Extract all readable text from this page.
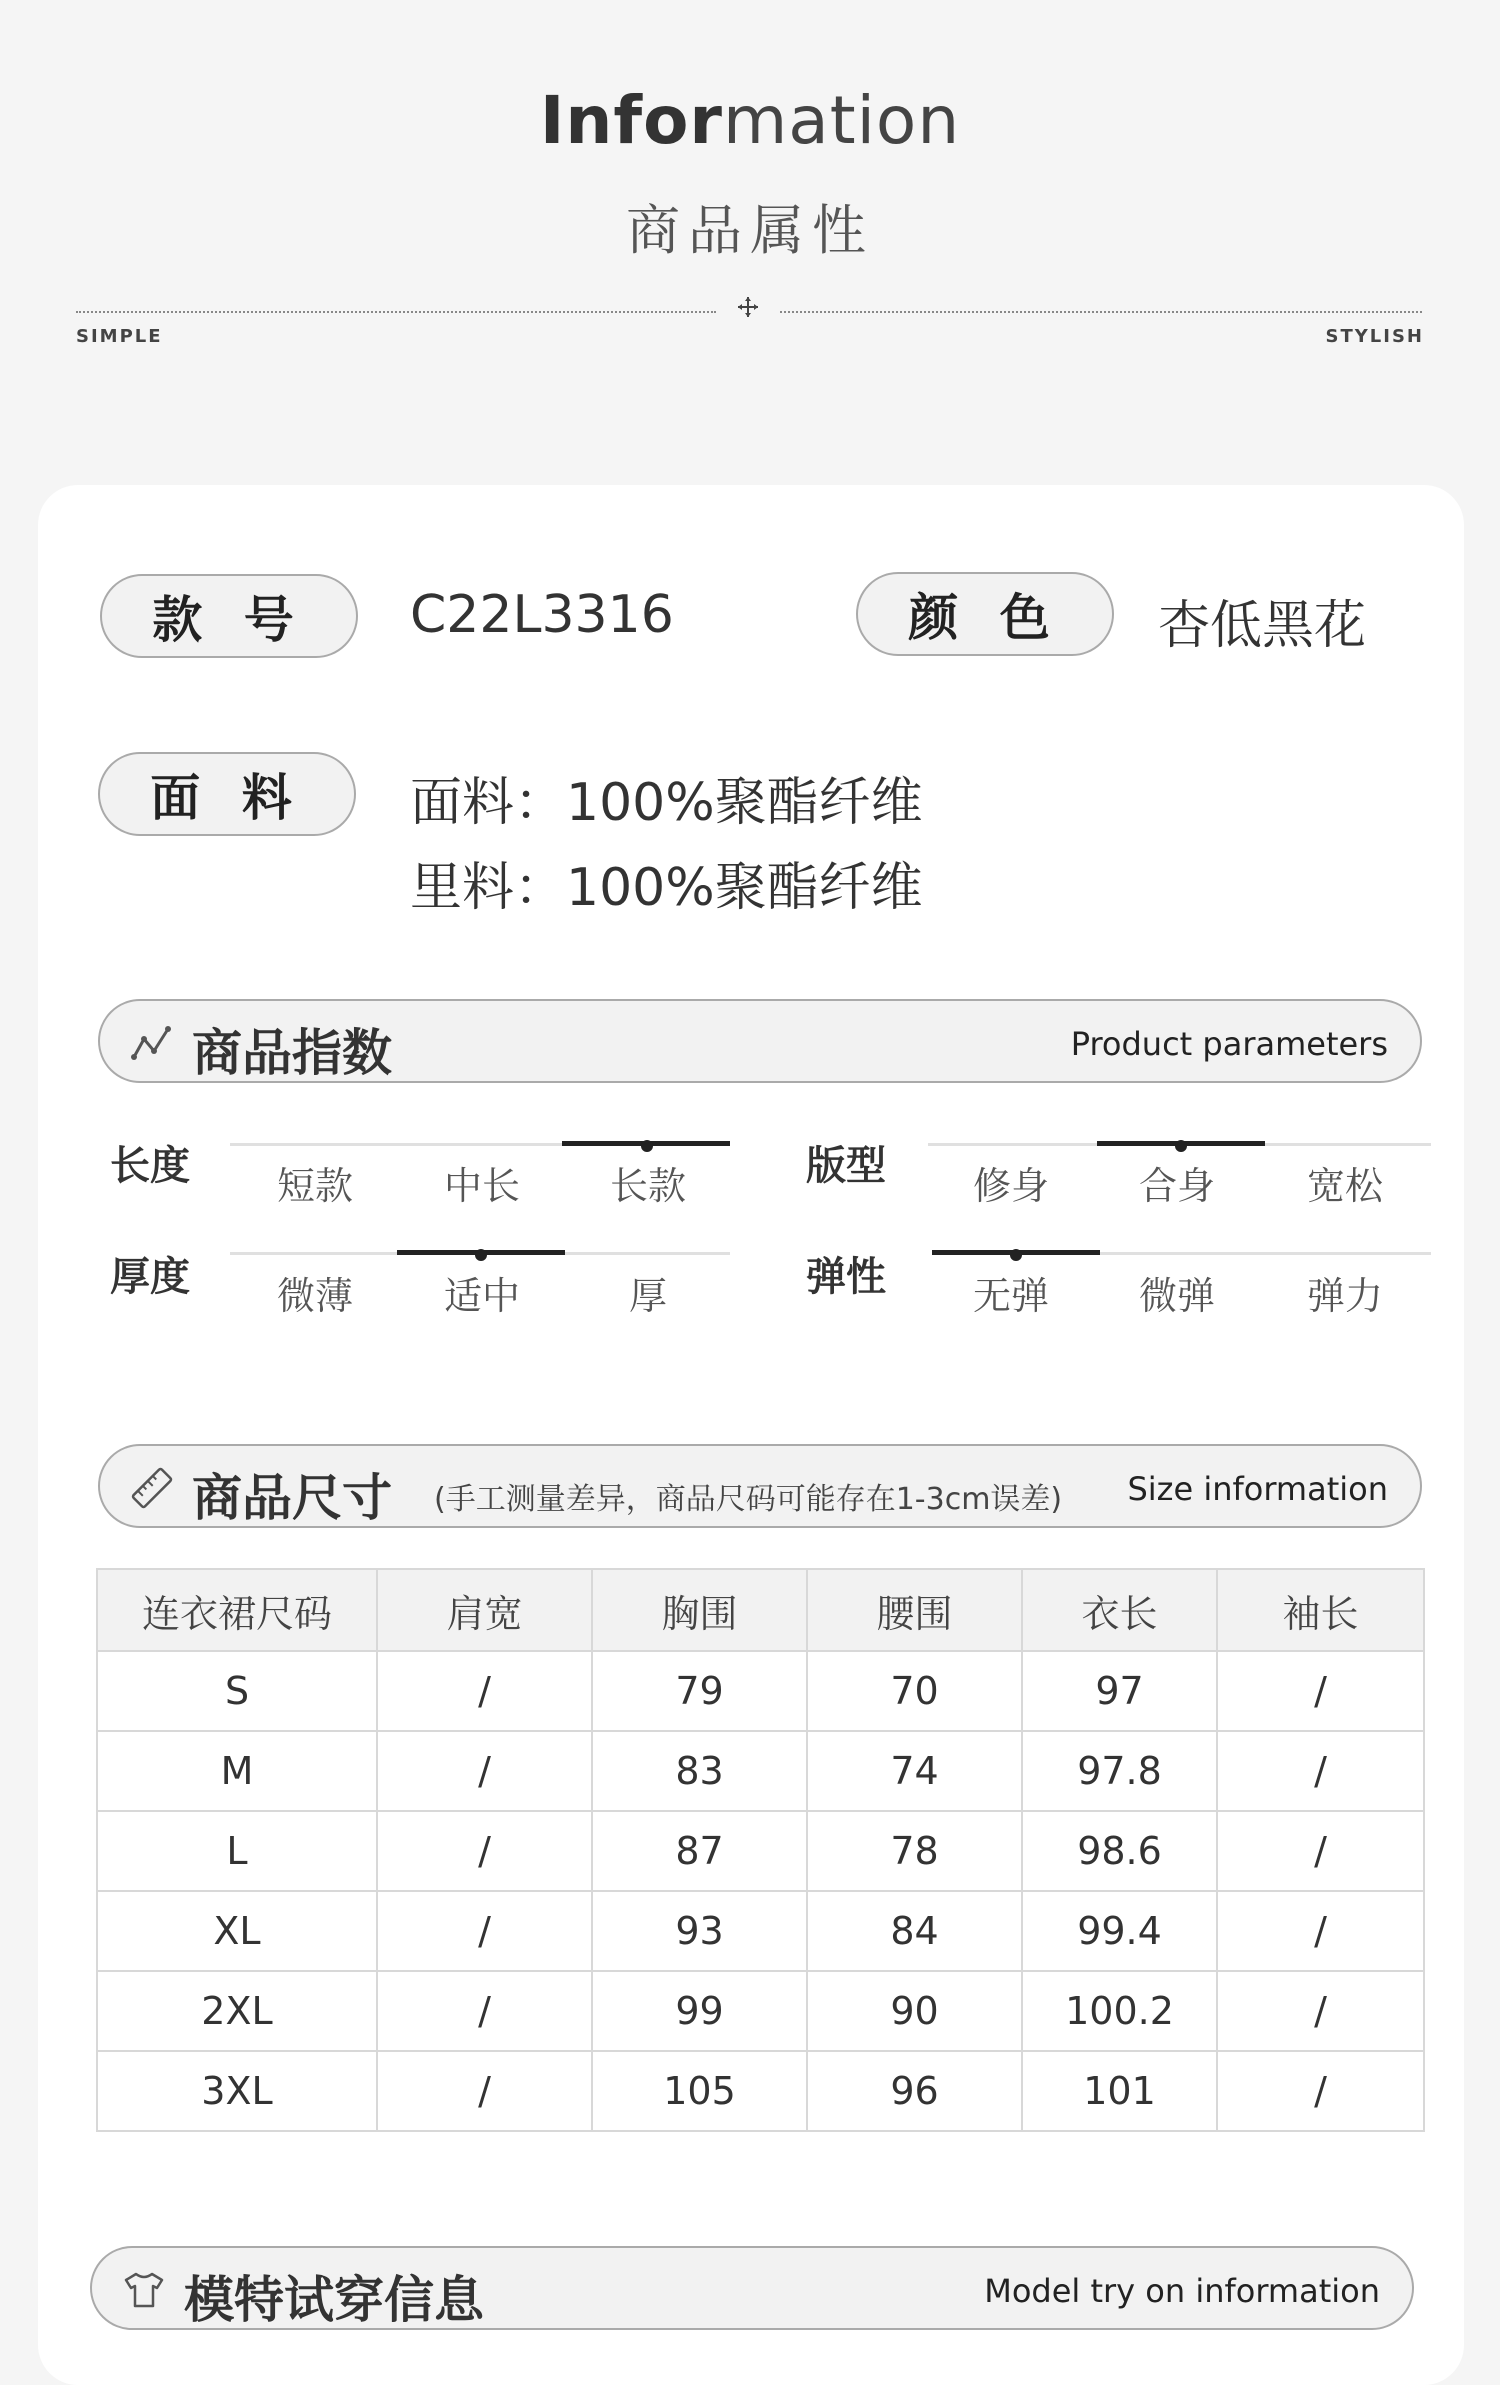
Information
商品属性
SIMPLE	STYLISH
款 号	C22L3316	颜 色	杏低黑花
面 料	面料：100%聚酯纤维
里料：100%聚酯纤维
商品指数	Product parameters
长度	短款	中长	长款	版型	修身	合身	宽松
厚度	微薄	适中	厚	弹性	无弹	微弹	弹力
商品尺寸 (手工测量差异，商品尺码可能存在1-3cm误差) Size information
连衣裙尺码	肩宽	胸围	腰围	衣长	袖长
S	/	79	70	97	/
M	/	83	74	97.8	/
L	/	87	78	98.6	/
XL	/	93	84	99.4	/
2XL	/	99	90	100.2	/
3XL	/	105	96	101	/
模特试穿信息	Model try on information
